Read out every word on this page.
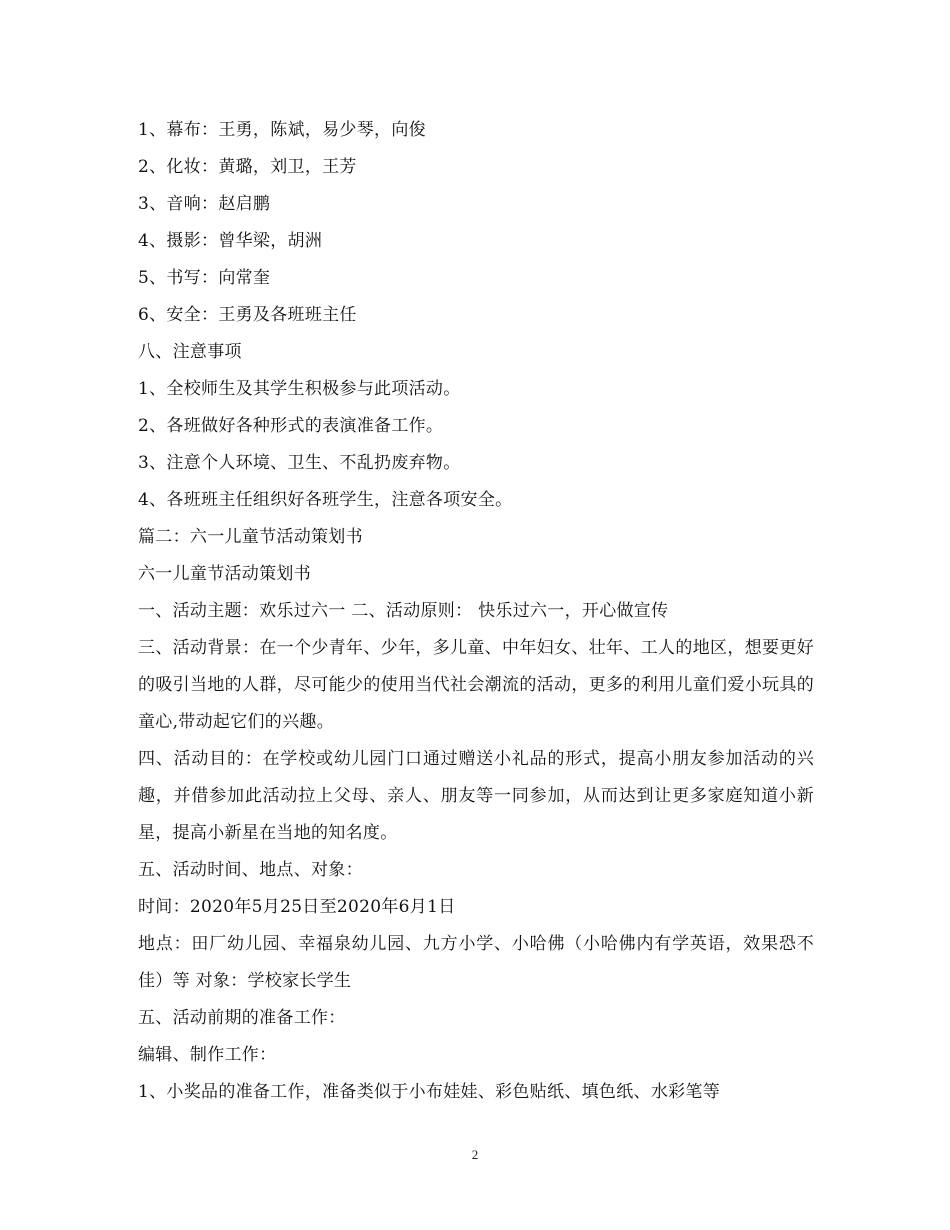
1、幕布：王勇，陈斌，易少琴，向俊
2、化妆：黄璐，刘卫，王芳
3、音响：赵启鹏
4、摄影：曾华梁，胡洲
5、书写：向常奎
6、安全：王勇及各班班主任
八、注意事项
1、全校师生及其学生积极参与此项活动。
2、各班做好各种形式的表演准备工作。
3、注意个人环境、卫生、不乱扔废弃物。
4、各班班主任组织好各班学生，注意各项安全。
篇二：六一儿童节活动策划书
六一儿童节活动策划书
一、活动主题：欢乐过六一 二、活动原则： 快乐过六一，开心做宣传
三、活动背景：在一个少青年、少年，多儿童、中年妇女、壮年、工人的地区，想要更好的吸引当地的人群，尽可能少的使用当代社会潮流的活动，更多的利用儿童们爱小玩具的童心,带动起它们的兴趣。
四、活动目的：在学校或幼儿园门口通过赠送小礼品的形式，提高小朋友参加活动的兴趣，并借参加此活动拉上父母、亲人、朋友等一同参加，从而达到让更多家庭知道小新星，提高小新星在当地的知名度。
五、活动时间、地点、对象：
时间：2020年5月25日至2020年6月1日
地点：田厂幼儿园、幸福泉幼儿园、九方小学、小哈佛（小哈佛内有学英语，效果恐不佳）等 对象：学校家长学生
五、活动前期的准备工作：
编辑、制作工作：
1、小奖品的准备工作，准备类似于小布娃娃、彩色贴纸、填色纸、水彩笔等
2
